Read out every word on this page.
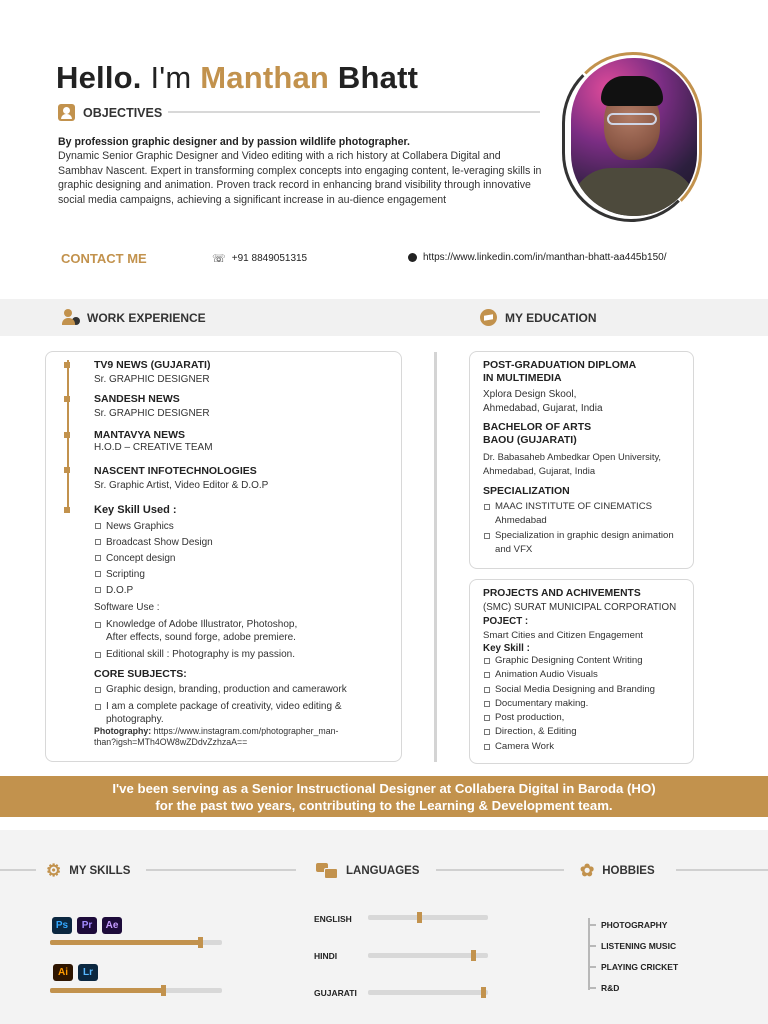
Hello. I'm Manthan Bhatt
OBJECTIVES
By profession graphic designer and by passion wildlife photographer.
Dynamic Senior Graphic Designer and Video editing with a rich history at Collabera Digital and Sambhav Nascent. Expert in transforming complex concepts into engaging content, le-veraging skills in graphic designing and animation. Proven track record in enhancing brand visibility through innovative social media campaigns, achieving a significant increase in au-dience engagement
CONTACT ME	☏ +91 8849051315	https://www.linkedin.com/in/manthan-bhatt-aa445b150/
WORK EXPERIENCE	MY EDUCATION
TV9 NEWS (GUJARATI)
Sr. GRAPHIC DESIGNER
SANDESH NEWS
Sr. GRAPHIC DESIGNER
MANTAVYA NEWS
H.O.D – CREATIVE TEAM
NASCENT INFOTECHNOLOGIES
Sr. Graphic Artist, Video Editor & D.O.P
Key Skill Used :
News Graphics
Broadcast Show Design
Concept design
Scripting
D.O.P
Software Use :
Knowledge of Adobe Illustrator, Photoshop,
After effects, sound forge, adobe premiere.
Editional skill : Photography is my passion.
CORE SUBJECTS:
Graphic design, branding, production and camerawork
I am a complete package of creativity, video editing &
photography.
Photography: https://www.instagram.com/photographer_man-
than?igsh=MTh4OW8wZDdvZzhzaA==
POST-GRADUATION DIPLOMA
IN MULTIMEDIA
Xplora Design Skool,
Ahmedabad, Gujarat, India
BACHELOR OF ARTS
BAOU (GUJARATI)
Dr. Babasaheb Ambedkar Open University,
Ahmedabad, Gujarat, India
SPECIALIZATION
MAAC INSTITUTE OF CINEMATICS
Ahmedabad
Specialization in graphic design animation
and VFX
PROJECTS AND ACHIVEMENTS
(SMC) SURAT MUNICIPAL CORPORATION
POJECT :
Smart Cities and Citizen Engagement
Key Skill :
Graphic Designing Content Writing
Animation Audio Visuals
Social Media Designing and Branding
Documentary making.
Post production,
Direction, & Editing
Camera Work
I've been serving as a Senior Instructional Designer at Collabera Digital in Baroda (HO)
for the past two years, contributing to the Learning & Development team.
⚙ MY SKILLS	LANGUAGES	✿ HOBBIES
Ps	Pr	Ae
Ai	Lr
ENGLISH
HINDI
GUJARATI
PHOTOGRAPHY
LISTENING MUSIC
PLAYING CRICKET
R&D
